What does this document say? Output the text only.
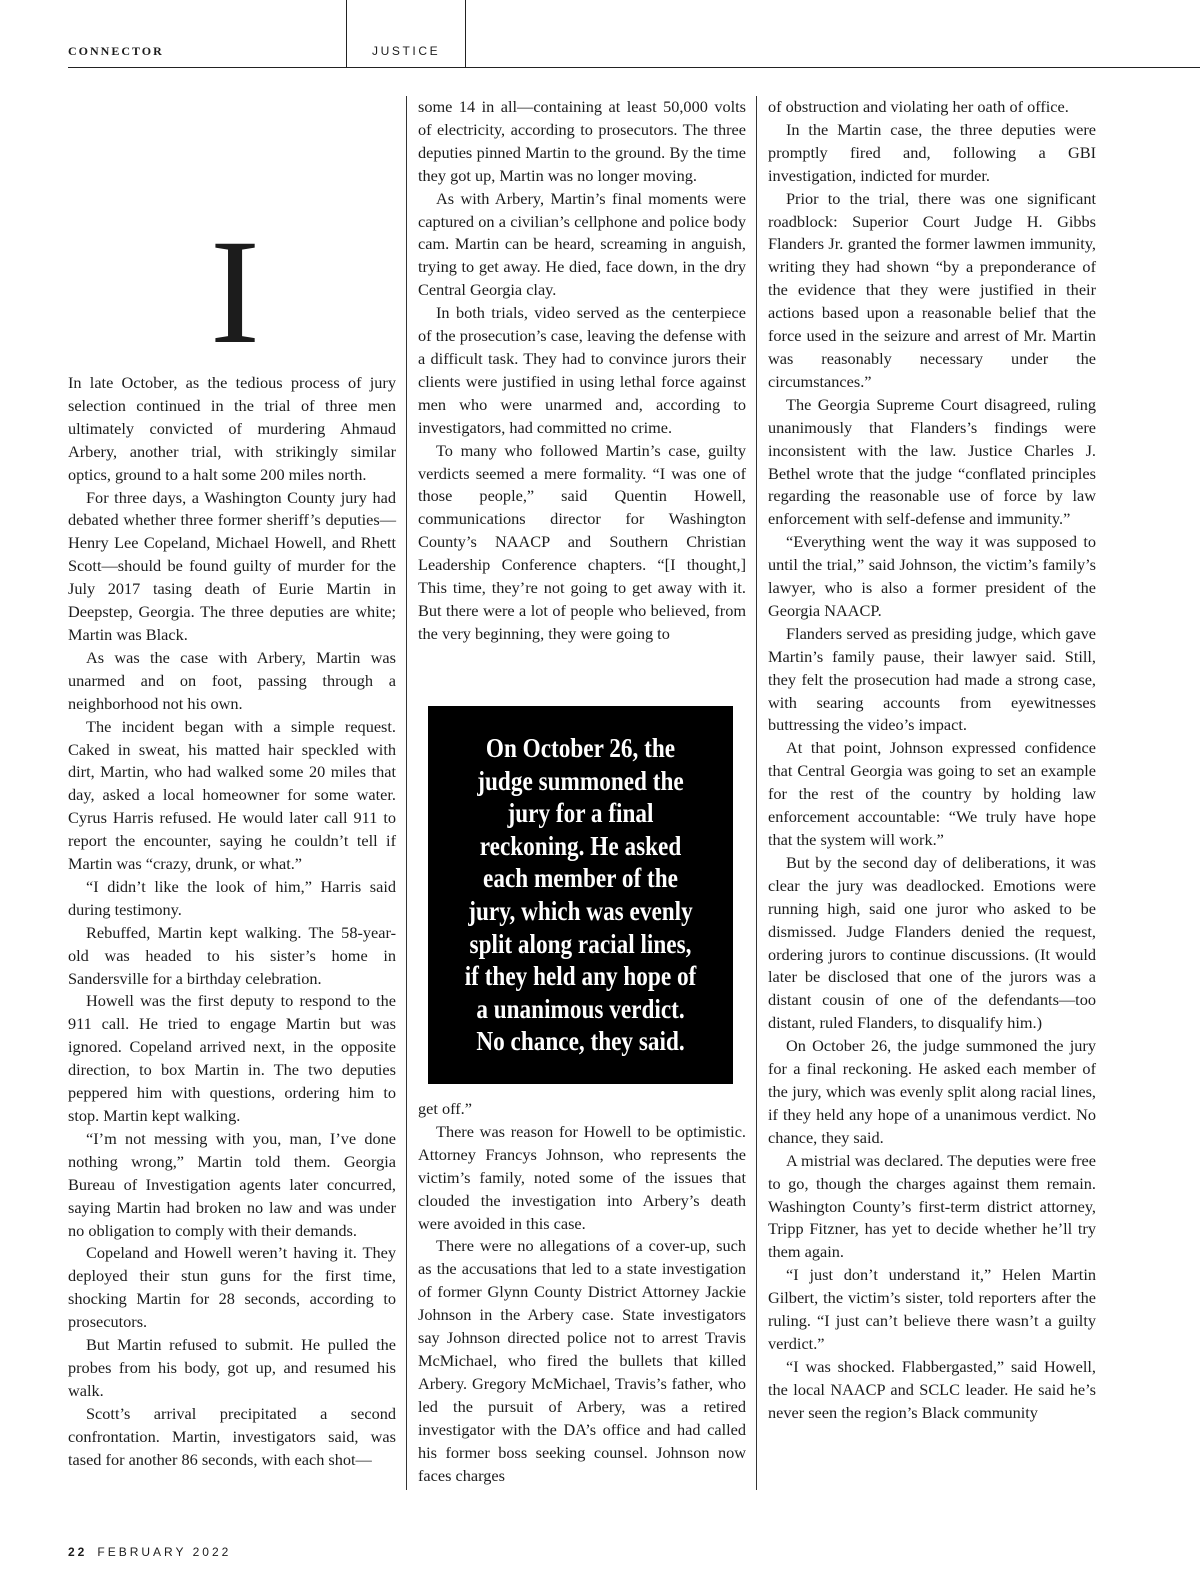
CONNECTOR	JUSTICE
I

In late October, as the tedious process of jury selection continued in the trial of three men ultimately convicted of murdering Ahmaud Arbery, another trial, with strikingly similar optics, ground to a halt some 200 miles north.

For three days, a Washington County jury had debated whether three former sheriff’s deputies—Henry Lee Copeland, Michael Howell, and Rhett Scott—should be found guilty of murder for the July 2017 tasing death of Eurie Martin in Deepstep, Georgia. The three deputies are white; Martin was Black.

As was the case with Arbery, Martin was unarmed and on foot, passing through a neighborhood not his own.

The incident began with a simple request. Caked in sweat, his matted hair speckled with dirt, Martin, who had walked some 20 miles that day, asked a local homeowner for some water. Cyrus Harris refused. He would later call 911 to report the encounter, saying he couldn’t tell if Martin was “crazy, drunk, or what.”

“I didn’t like the look of him,” Harris said during testimony.

Rebuffed, Martin kept walking. The 58-year-old was headed to his sister’s home in Sandersville for a birthday celebration.

Howell was the first deputy to respond to the 911 call. He tried to engage Martin but was ignored. Copeland arrived next, in the opposite direction, to box Martin in. The two deputies peppered him with questions, ordering him to stop. Martin kept walking.

“I’m not messing with you, man, I’ve done nothing wrong,” Martin told them. Georgia Bureau of Investigation agents later concurred, saying Martin had broken no law and was under no obligation to comply with their demands.

Copeland and Howell weren’t having it. They deployed their stun guns for the first time, shocking Martin for 28 seconds, according to prosecutors.

But Martin refused to submit. He pulled the probes from his body, got up, and resumed his walk.

Scott’s arrival precipitated a second confrontation. Martin, investigators said, was tased for another 86 seconds, with each shot—

some 14 in all—containing at least 50,000 volts of electricity, according to prosecutors. The three deputies pinned Martin to the ground. By the time they got up, Martin was no longer moving.

As with Arbery, Martin’s final moments were captured on a civilian’s cellphone and police body cam. Martin can be heard, screaming in anguish, trying to get away. He died, face down, in the dry Central Georgia clay.

In both trials, video served as the centerpiece of the prosecution’s case, leaving the defense with a difficult task. They had to convince jurors their clients were justified in using lethal force against men who were unarmed and, according to investigators, had committed no crime.

To many who followed Martin’s case, guilty verdicts seemed a mere formality. “I was one of those people,” said Quentin Howell, communications director for Washington County’s NAACP and Southern Christian Leadership Conference chapters. “[I thought,] This time, they’re not going to get away with it. But there were a lot of people who believed, from the very beginning, they were going to

On October 26, the judge summoned the jury for a final reckoning. He asked each member of the jury, which was evenly split along racial lines, if they held any hope of a unanimous verdict. No chance, they said.

get off.”

There was reason for Howell to be optimistic. Attorney Francys Johnson, who represents the victim’s family, noted some of the issues that clouded the investigation into Arbery’s death were avoided in this case.

There were no allegations of a cover-up, such as the accusations that led to a state investigation of former Glynn County District Attorney Jackie Johnson in the Arbery case. State investigators say Johnson directed police not to arrest Travis McMichael, who fired the bullets that killed Arbery. Gregory McMichael, Travis’s father, who led the pursuit of Arbery, was a retired investigator with the DA’s office and had called his former boss seeking counsel. Johnson now faces charges

of obstruction and violating her oath of office.

In the Martin case, the three deputies were promptly fired and, following a GBI investigation, indicted for murder.

Prior to the trial, there was one significant roadblock: Superior Court Judge H. Gibbs Flanders Jr. granted the former lawmen immunity, writing they had shown “by a preponderance of the evidence that they were justified in their actions based upon a reasonable belief that the force used in the seizure and arrest of Mr. Martin was reasonably necessary under the circumstances.”

The Georgia Supreme Court disagreed, ruling unanimously that Flanders’s findings were inconsistent with the law. Justice Charles J. Bethel wrote that the judge “conflated principles regarding the reasonable use of force by law enforcement with self-defense and immunity.”

“Everything went the way it was supposed to until the trial,” said Johnson, the victim’s family’s lawyer, who is also a former president of the Georgia NAACP.

Flanders served as presiding judge, which gave Martin’s family pause, their lawyer said. Still, they felt the prosecution had made a strong case, with searing accounts from eyewitnesses buttressing the video’s impact.

At that point, Johnson expressed confidence that Central Georgia was going to set an example for the rest of the country by holding law enforcement accountable: “We truly have hope that the system will work.”

But by the second day of deliberations, it was clear the jury was deadlocked. Emotions were running high, said one juror who asked to be dismissed. Judge Flanders denied the request, ordering jurors to continue discussions. (It would later be disclosed that one of the jurors was a distant cousin of one of the defendants—too distant, ruled Flanders, to disqualify him.)

On October 26, the judge summoned the jury for a final reckoning. He asked each member of the jury, which was evenly split along racial lines, if they held any hope of a unanimous verdict. No chance, they said.

A mistrial was declared. The deputies were free to go, though the charges against them remain. Washington County’s first-term district attorney, Tripp Fitzner, has yet to decide whether he’ll try them again.

“I just don’t understand it,” Helen Martin Gilbert, the victim’s sister, told reporters after the ruling. “I just can’t believe there wasn’t a guilty verdict.”

“I was shocked. Flabbergasted,” said Howell, the local NAACP and SCLC leader. He said he’s never seen the region’s Black community

22 FEBRUARY 2022
